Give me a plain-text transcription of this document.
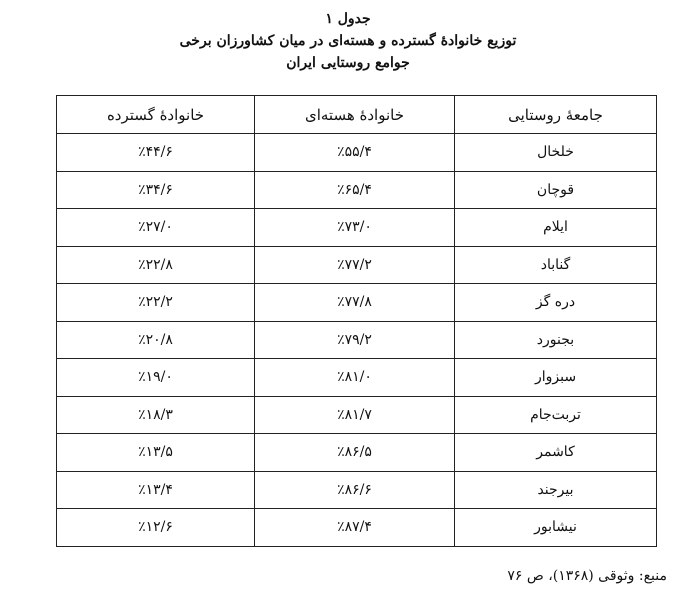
جدول ۱
توزیع خانوادهٔ گسترده و هسته‌ای در میان کشاورزان برخی
جوامع روستایی ایران
جامعهٔ روستایی	خانوادهٔ هسته‌ای	خانوادهٔ گسترده
خلخال	٪۵۵/۴	٪۴۴/۶
قوچان	٪۶۵/۴	٪۳۴/۶
ایلام	٪۷۳/۰	٪۲۷/۰
گناباد	٪۷۷/۲	٪۲۲/۸
دره گز	٪۷۷/۸	٪۲۲/۲
بجنورد	٪۷۹/۲	٪۲۰/۸
سبزوار	٪۸۱/۰	٪۱۹/۰
تربت‌جام	٪۸۱/۷	٪۱۸/۳
کاشمر	٪۸۶/۵	٪۱۳/۵
بیرجند	٪۸۶/۶	٪۱۳/۴
نیشابور	٪۸۷/۴	٪۱۲/۶
منبع: وثوقی (۱۳۶۸)، ص ۷۶
